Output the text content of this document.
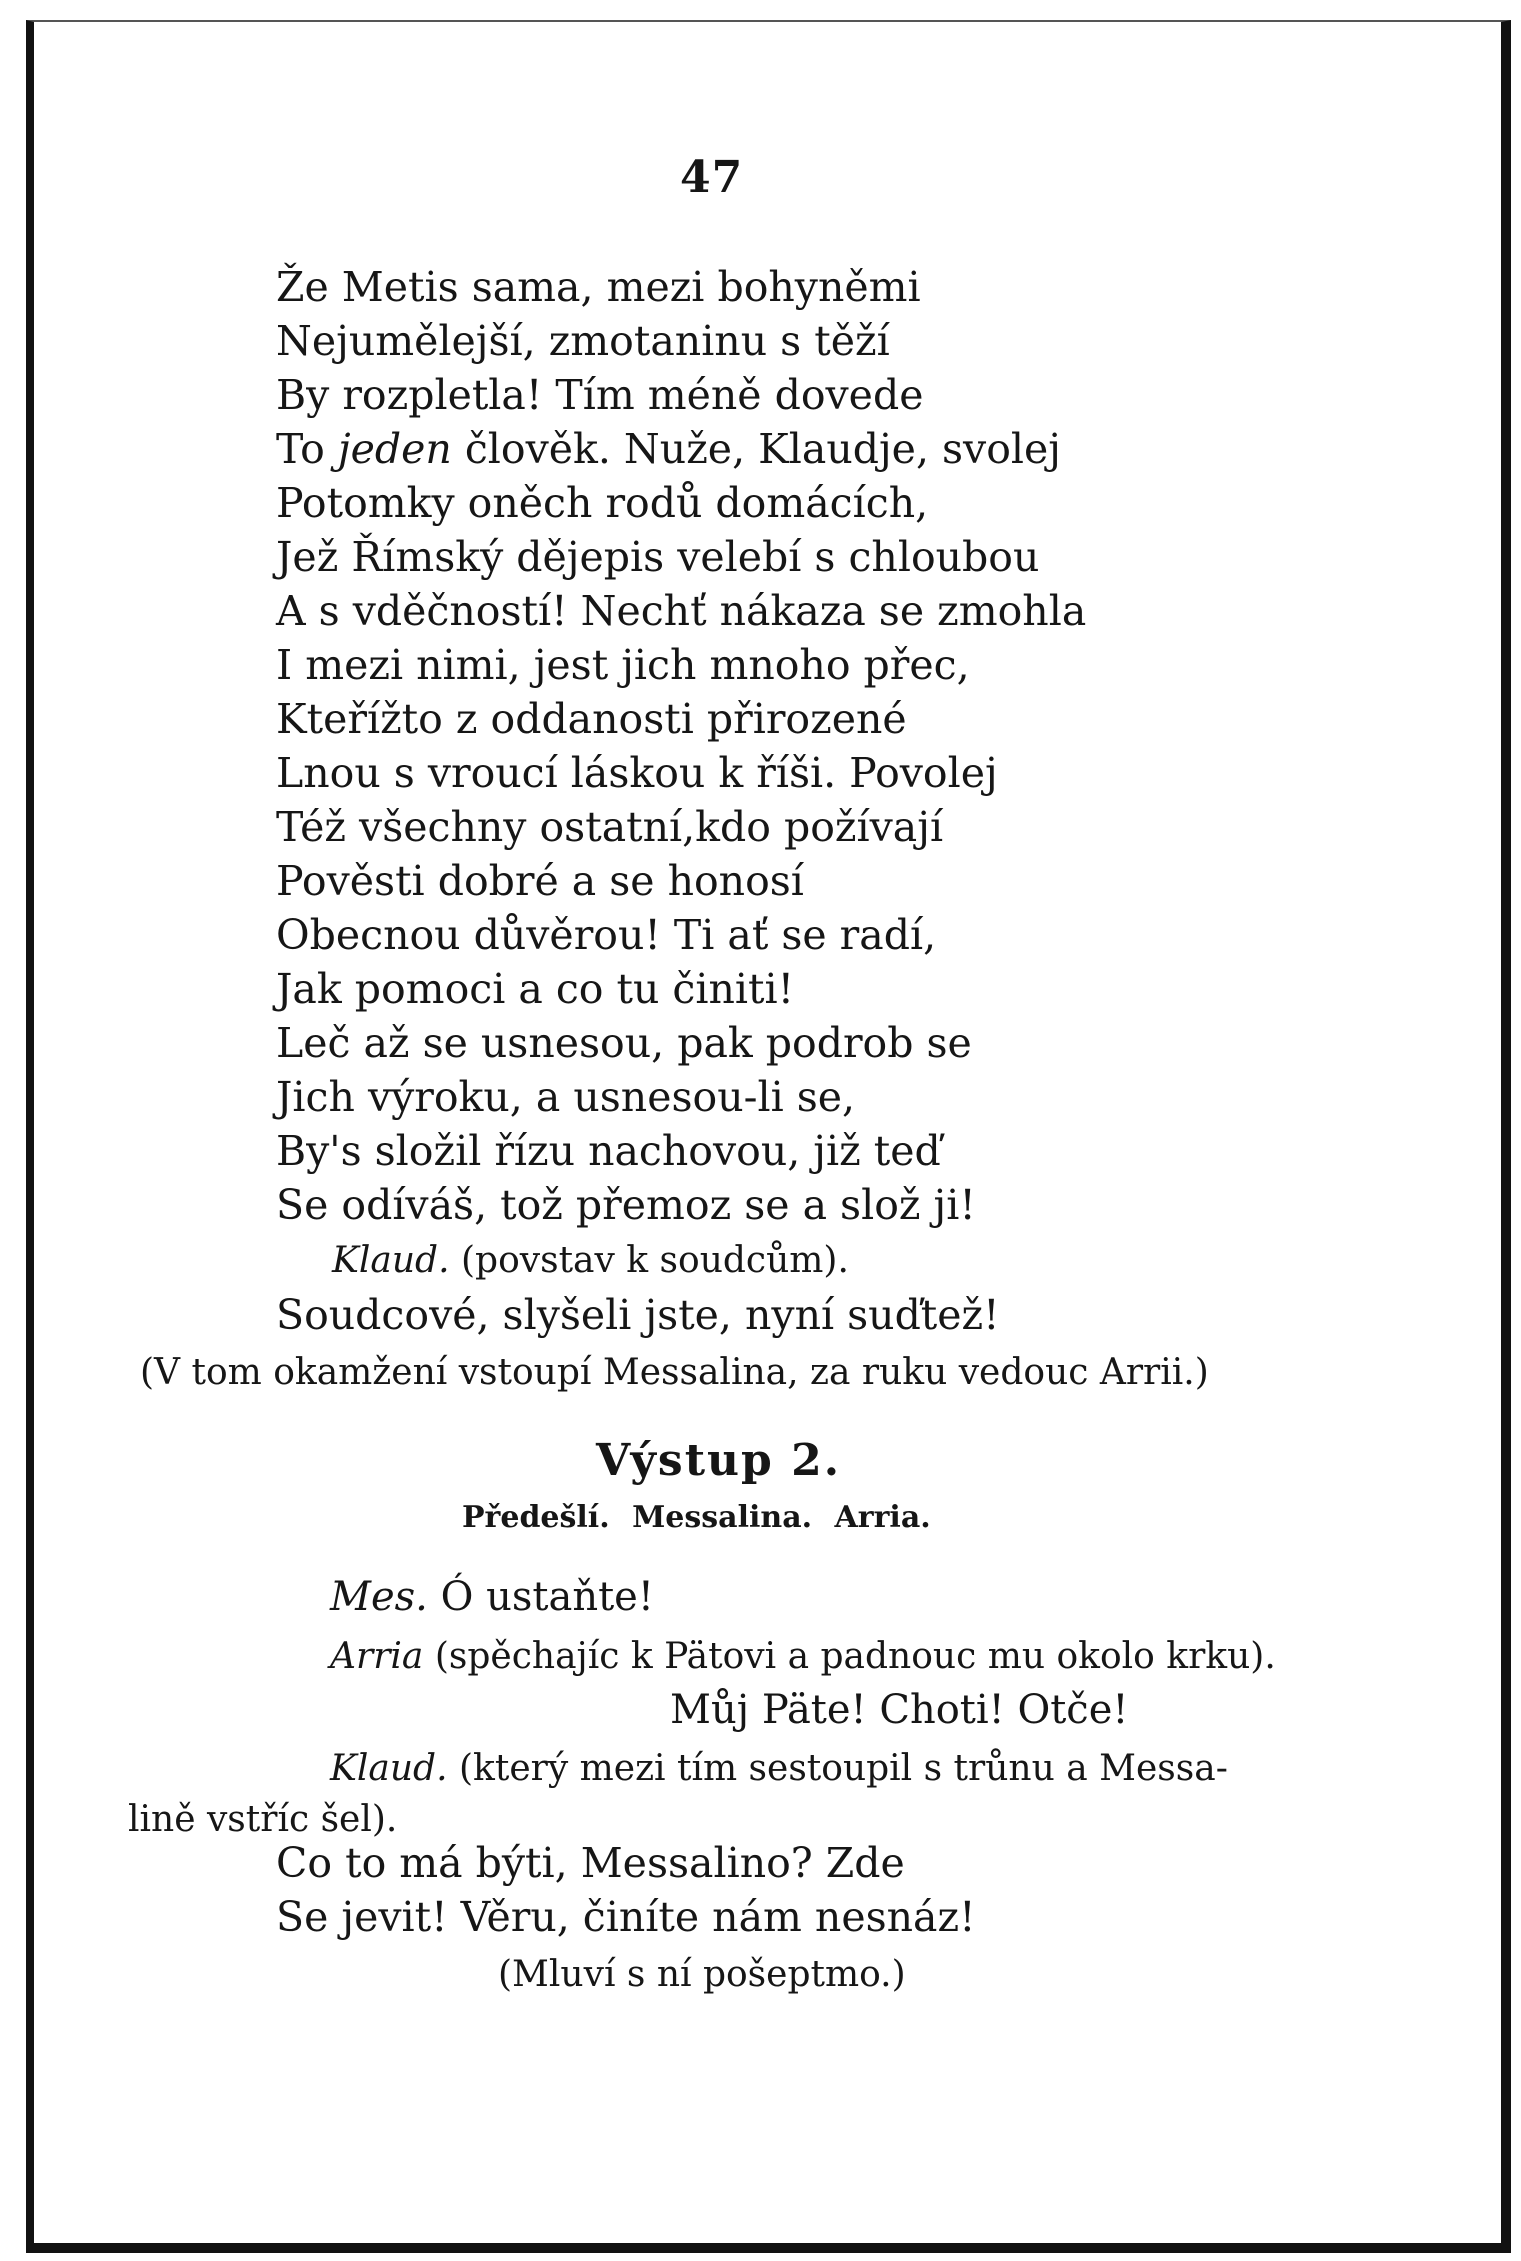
47
Že Metis sama, mezi bohyněmi
Nejumělejší, zmotaninu s těží
By rozpletla! Tím méně dovede
To jeden člověk. Nuže, Klaudje, svolej
Potomky oněch rodů domácích,
Jež Římský dějepis velebí s chloubou
A s vděčností! Nechť nákaza se zmohla
I mezi nimi, jest jich mnoho přec,
Kteřížto z oddanosti přirozené
Lnou s vroucí láskou k říši. Povolej
Též všechny ostatní,kdo požívají
Pověsti dobré a se honosí
Obecnou důvěrou! Ti ať se radí,
Jak pomoci a co tu činiti!
Leč až se usnesou, pak podrob se
Jich výroku, a usnesou-li se,
By's složil řízu nachovou, již teď
Se odíváš, tož přemoz se a slož ji!
Klaud. (povstav k soudcům).
Soudcové, slyšeli jste, nyní suďtež!
(V tom okamžení vstoupí Messalina, za ruku vedouc Arrii.)
Výstup 2.
Předešlí. Messalina. Arria.
Mes. Ó ustaňte!
Arria (spěchajíc k Pätovi a padnouc mu okolo krku).
Můj Päte! Choti! Otče!
Klaud. (který mezi tím sestoupil s trůnu a Messa-
lině vstříc šel).
Co to má býti, Messalino? Zde
Se jevit! Věru, činíte nám nesnáz!
(Mluví s ní pošeptmo.)
